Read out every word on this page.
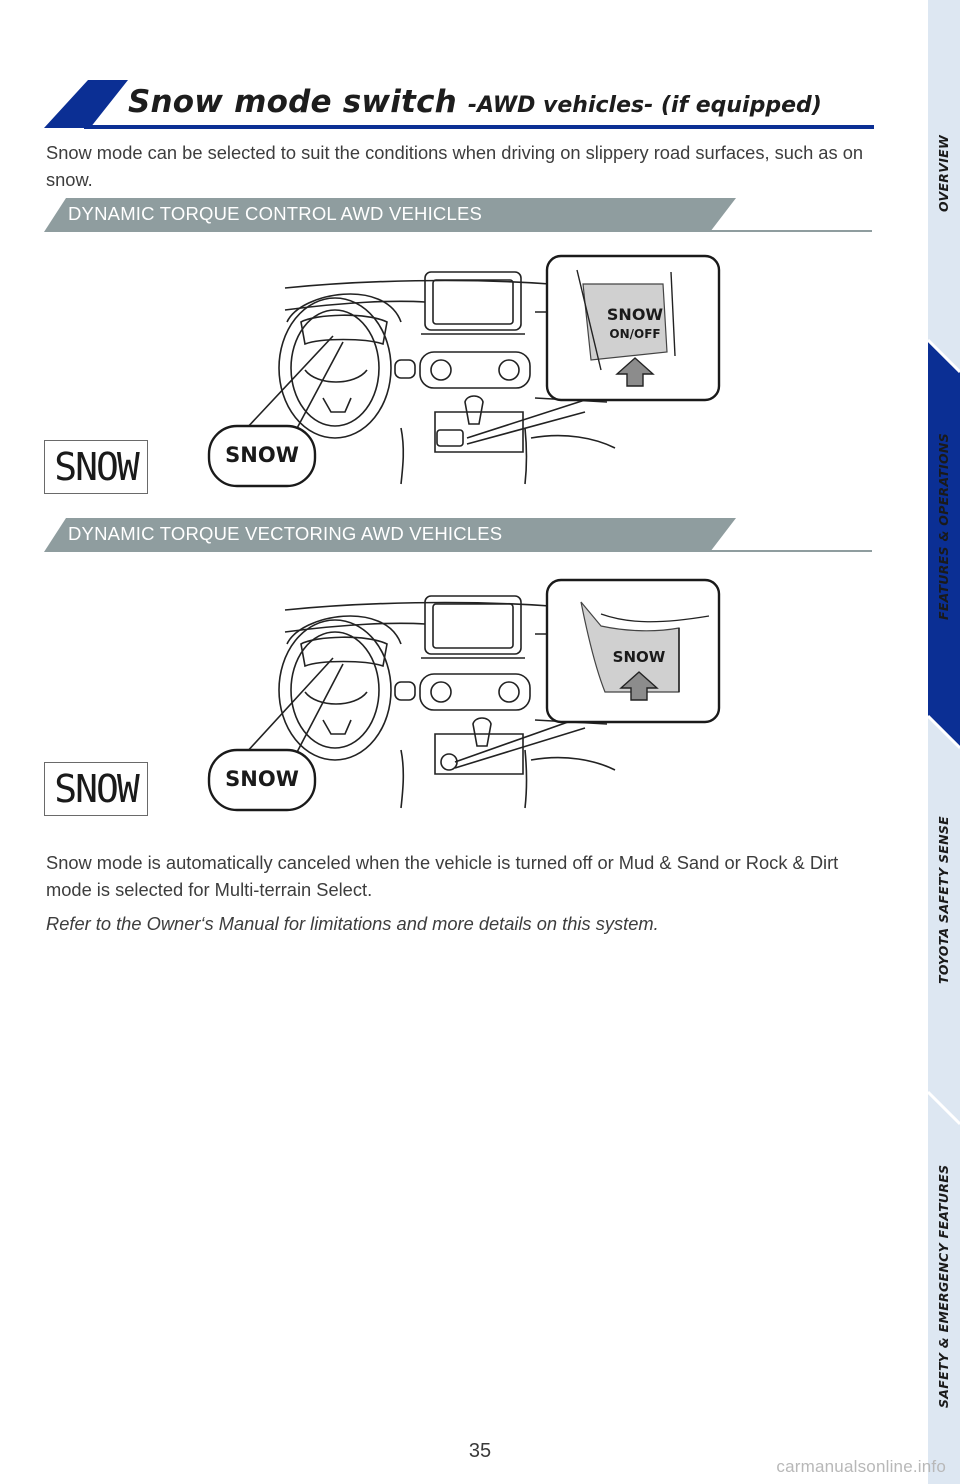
OVERVIEW
FEATURES & OPERATIONS
TOYOTA SAFETY SENSE
SAFETY & EMERGENCY FEATURES
Snow mode switch -AWD vehicles- (if equipped)
Snow mode can be selected to suit the conditions when driving on slippery road surfaces, such as on snow.
DYNAMIC TORQUE CONTROL AWD VEHICLES
SNOW	SNOW
SNOW
ON/OFF
DYNAMIC TORQUE VECTORING AWD VEHICLES
SNOW	SNOW
SNOW
Snow mode is automatically canceled when the vehicle is turned off or Mud & Sand or Rock & Dirt mode is selected for Multi-terrain Select.
Refer to the Owner‘s Manual for limitations and more details on this system.
35
carmanualsonline.info
